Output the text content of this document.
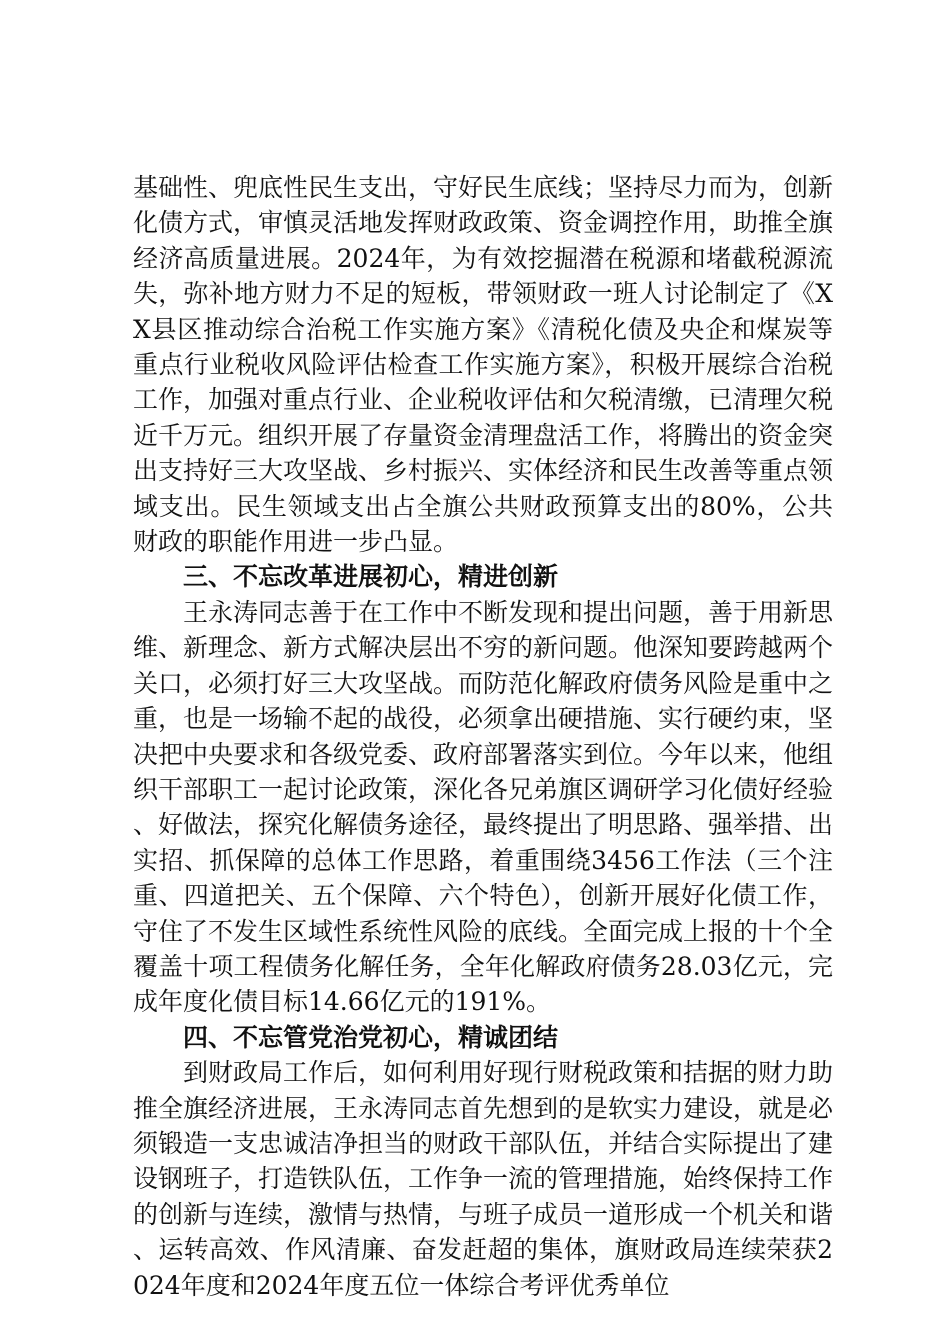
基础性、兜底性民生支出，守好民生底线；坚持尽力而为，创新化债方式，审慎灵活地发挥财政政策、资金调控作用，助推全旗经济高质量进展。2024年，为有效挖掘潜在税源和堵截税源流失，弥补地方财力不足的短板，带领财政一班人讨论制定了《XX县区推动综合治税工作实施方案》《清税化债及央企和煤炭等重点行业税收风险评估检查工作实施方案》，积极开展综合治税工作，加强对重点行业、企业税收评估和欠税清缴，已清理欠税近千万元。组织开展了存量资金清理盘活工作，将腾出的资金突出支持好三大攻坚战、乡村振兴、实体经济和民生改善等重点领域支出。民生领域支出占全旗公共财政预算支出的80%，公共财政的职能作用进一步凸显。

三、不忘改革进展初心，精进创新

王永涛同志善于在工作中不断发现和提出问题，善于用新思维、新理念、新方式解决层出不穷的新问题。他深知要跨越两个关口，必须打好三大攻坚战。而防范化解政府债务风险是重中之重，也是一场输不起的战役，必须拿出硬措施、实行硬约束，坚决把中央要求和各级党委、政府部署落实到位。今年以来，他组织干部职工一起讨论政策，深化各兄弟旗区调研学习化债好经验、好做法，探究化解债务途径，最终提出了明思路、强举措、出实招、抓保障的总体工作思路，着重围绕3456工作法（三个注重、四道把关、五个保障、六个特色），创新开展好化债工作，守住了不发生区域性系统性风险的底线。全面完成上报的十个全覆盖十项工程债务化解任务，全年化解政府债务28.03亿元，完成年度化债目标14.66亿元的191%。

四、不忘管党治党初心，精诚团结

到财政局工作后，如何利用好现行财税政策和拮据的财力助推全旗经济进展，王永涛同志首先想到的是软实力建设，就是必须锻造一支忠诚洁净担当的财政干部队伍，并结合实际提出了建设钢班子，打造铁队伍，工作争一流的管理措施，始终保持工作的创新与连续，激情与热情，与班子成员一道形成一个机关和谐、运转高效、作风清廉、奋发赶超的集体，旗财政局连续荣获2024年度和2024年度五位一体综合考评优秀单位
